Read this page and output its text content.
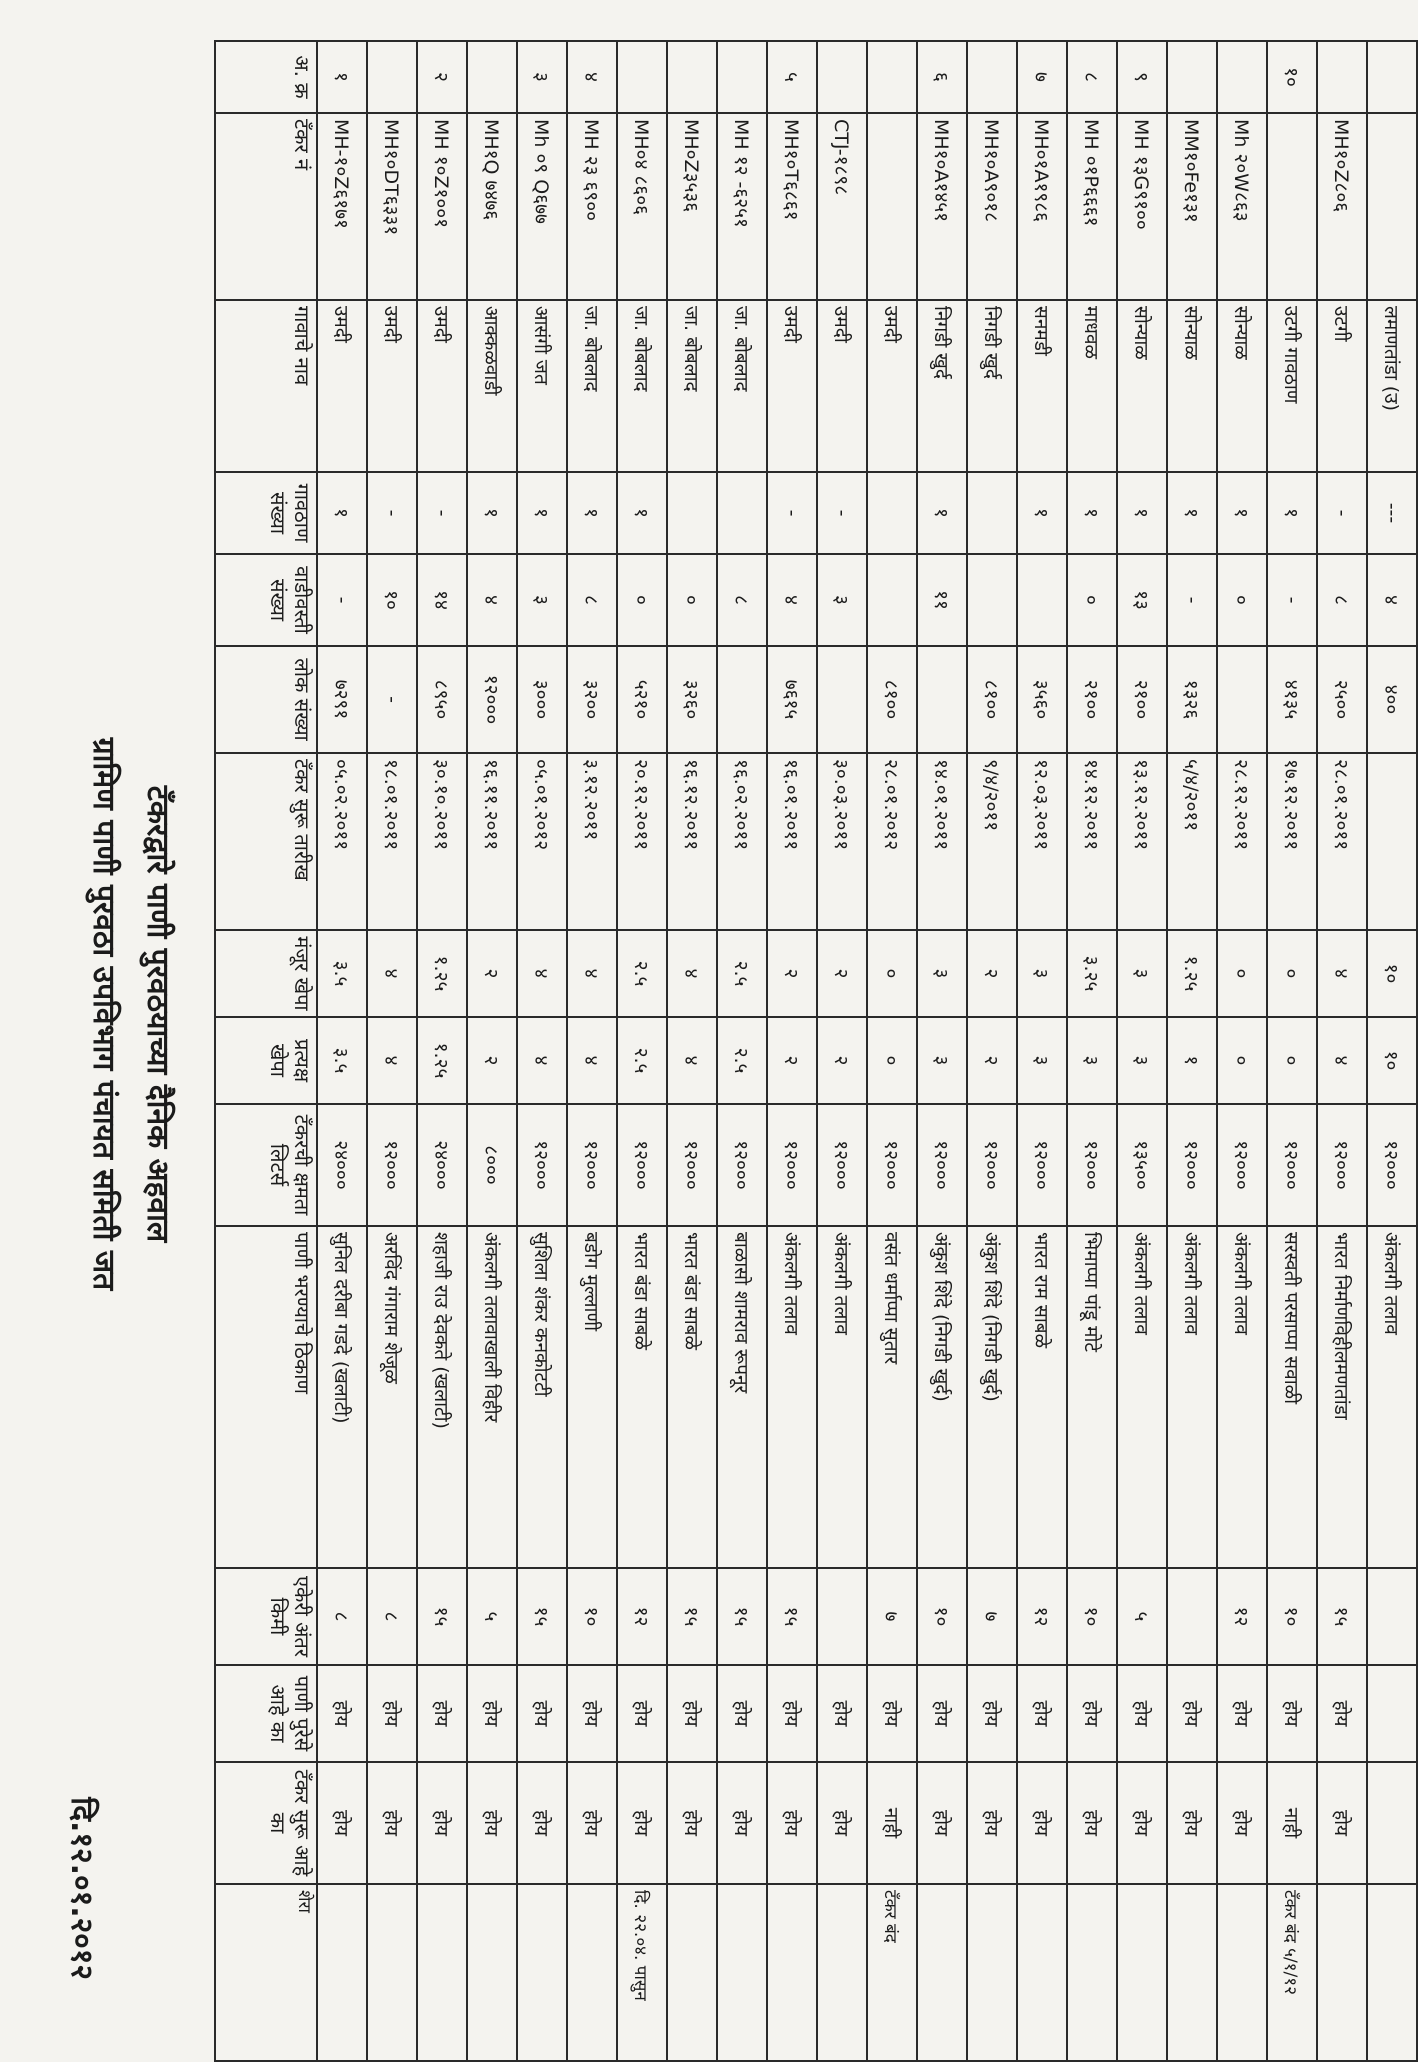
ग्रामिण पाणी पुरवठा उपविभाग पंचायत समिती जत टँकरद्वारे पाणी पुरवठयाच्या दैनिक अहवाल
दि.१२.०१.२०१२
अ. क्र	टँकर नं	गावाचे नाव	गावठाण संख्या	वाडीवस्ती संख्या	लोक संख्या	टँकर सुरू तारीख	मंजूर खेपा	प्रत्यक्ष खेपा	टँकरची क्षमता लिटर्स	पाणी भरण्याचे ठिकाण	एकेरी अंतर किमी	पाणी पुरेसे आहे का	टँकर सुरू आहे का	शेरा
१	MH-१०Z६१७१	उमदी	१	-	७२९१	०५.०२.२०११	३.५	३.५	२४०००	सुनिल दरीबा गडदे (खलाटी)	८	होय	होय	
	MH१०DT६३३१	उमदी	-	१०	-	१८.०१.२०११	४	४	१२०००	अरविंद गंगाराम शेजूळ	८	होय	होय	
२	MH १०Z१००१	उमदी	-	१४	८९५०	३०.१०.२०११	१.२५	१.२५	२४०००	शहाजी राउ देवकते (खलाटी)	१५	होय	होय	
	MH१Q ७४७६	आक्कळवाडी	१	४	१२०००	१६.११.२०११	२	२	८०००	अंकलगी तलावाखाली विहीर	५	होय	होय	
३	Mh ०९ Q६७७	आसंगी जत	१	३	३०००	०५.०१.२०१२	४	४	१२०००	सुशिला शंकर कनकोटटी	१५	होय	होय	
४	MH २३ ६९००	जा. बोबलाद	१	८	३२००	३.१२.२०११	४	४	१२०००	बडोग मुल्लाणी	१०	होय	होय	
	MH०४ ८६०६	जा. बोबलाद	१	०	५२१०	२०.१२.२०११	२.५	२.५	१२०००	भारत बंडा साबळे	१२	होय	होय	दि. २२.०४. पासुन
	MH०Z३५३६	जा. बोबलाद		०	३२६०	१६.१२.२०११	४	४	१२०००	भारत बंडा साबळे	१५	होय	होय	
	MH १२ -६२५१	जा. बोबलाद		८		१६.०२.२०११	२.५	२.५	१२०००	बाळासो शामराव रूपनूर	१५	होय	होय	
५	MH१०T६८६१	उमदी	-	४	७६१५	१६.०१.२०११	२	२	१२०००	अंकलगी तलाव	१५	होय	होय	
	CTJ-१८९८	उमदी	-	३		३०.०३.२०११	२	२	१२०००	अंकलगी तलाव		होय	होय	
		उमदी			८१००	२८.०१.२०१२	०	०	१२०००	वसंत धर्माप्पा सुतार	७	होय	नाही	टँकर बंद
६	MH१०A१४५१	निगडी खुर्द	१	११		१४.०१.२०११	३	३	१२०००	अंकुश शिंदे (निगडी खुर्द)	१०	होय	होय	
	MH१०A९०१८	निगडी खुर्द			८१००	९/४/२०११	२	२	१२०००	अंकुश शिंदे (निगडी खुर्द)	७	होय	होय	
७	MH०१A१९८६	सनमडी	१		३५६०	१२.०३.२०११	३	३	१२०००	भारत राम साबळे	१२	होय	होय	
८	MH ०१P६६६१	माधवळ	१	०	२१००	१४.१२.२०११	३.२५	३	१२०००	भिमाप्पा पांडू मोटे	१०	होय	होय	
९	MH १३G९१००	सोन्याळ	१	१३	२१००	१३.१२.२०११	३	३	१३५००	अंकलगी तलाव	५	होय	होय	
	MM१०Fe१३१	सोन्याळ	१	-	१३२६	५/४/२०११	१.२५	१	१२०००	अंकलगी तलाव		होय	होय	
	Mh २०W८६३	सोन्याळ	१	०		२८.१२.२०११	०	०	१२०००	अंकलगी तलाव	१२	होय	होय	
१०		उटगी गावठाण	१	-	४१३५	१७.१२.२०११	०	०	१२०००	सरस्वती परसाप्पा सवाळी	१०	होय	नाही	टँकर बंद ५/१/१२
	MH१०Z८०६	उटगी	-	८	२५००	२८.०१.२०११	४	४	१२०००	भारत निर्माणविहीलमणतांडा	१५	होय	होय	
		लमाणतांडा (उ)	---	४	४००		१०	१०	१२०००	अंकलगी तलाव				
